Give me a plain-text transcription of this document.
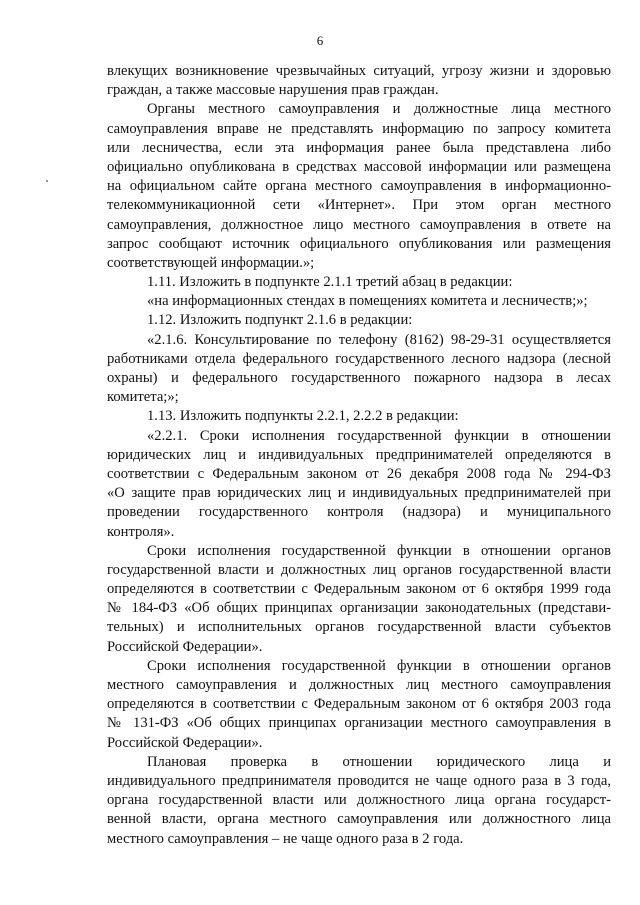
6
влекущих возникновение чрезвычайных ситуаций, угрозу жизни и здоровью
граждан, а также массовые нарушения прав граждан.
Органы местного самоуправления и должностные лица местного
самоуправления вправе не представлять информацию по запросу комитета
или лесничества, если эта информация ранее была представлена либо
официально опубликована в средствах массовой информации или размещена
на официальном сайте органа местного самоуправления в информационно-
телекоммуникационной сети «Интернет». При этом орган местного
самоуправления, должностное лицо местного самоуправления в ответе на
запрос сообщают источник официального опубликования или размещения
соответствующей информации.»;
1.11. Изложить в подпункте 2.1.1 третий абзац в редакции:
«на информационных стендах в помещениях комитета и лесничеств;»;
1.12. Изложить подпункт 2.1.6 в редакции:
«2.1.6. Консультирование по телефону (8162) 98-29-31 осуществляется
работниками отдела федерального государственного лесного надзора (лесной
охраны) и федерального государственного пожарного надзора в лесах
комитета;»;
1.13. Изложить подпункты 2.2.1, 2.2.2 в редакции:
«2.2.1. Сроки исполнения государственной функции в отношении
юридических лиц и индивидуальных предпринимателей определяются в
соответствии с Федеральным законом от 26 декабря 2008 года № 294-ФЗ
«О защите прав юридических лиц и индивидуальных предпринимателей при
проведении государственного контроля (надзора) и муниципального
контроля».
Сроки исполнения государственной функции в отношении органов
государственной власти и должностных лиц органов государственной власти
определяются в соответствии с Федеральным законом от 6 октября 1999 года
№ 184-ФЗ «Об общих принципах организации законодательных (представи-
тельных) и исполнительных органов государственной власти субъектов
Российской Федерации».
Сроки исполнения государственной функции в отношении органов
местного самоуправления и должностных лиц местного самоуправления
определяются в соответствии с Федеральным законом от 6 октября 2003 года
№ 131-ФЗ «Об общих принципах организации местного самоуправления в
Российской Федерации».
Плановая проверка в отношении юридического лица и
индивидуального предпринимателя проводится не чаще одного раза в 3 года,
органа государственной власти или должностного лица органа государст-
венной власти, органа местного самоуправления или должностного лица
местного самоуправления – не чаще одного раза в 2 года.
